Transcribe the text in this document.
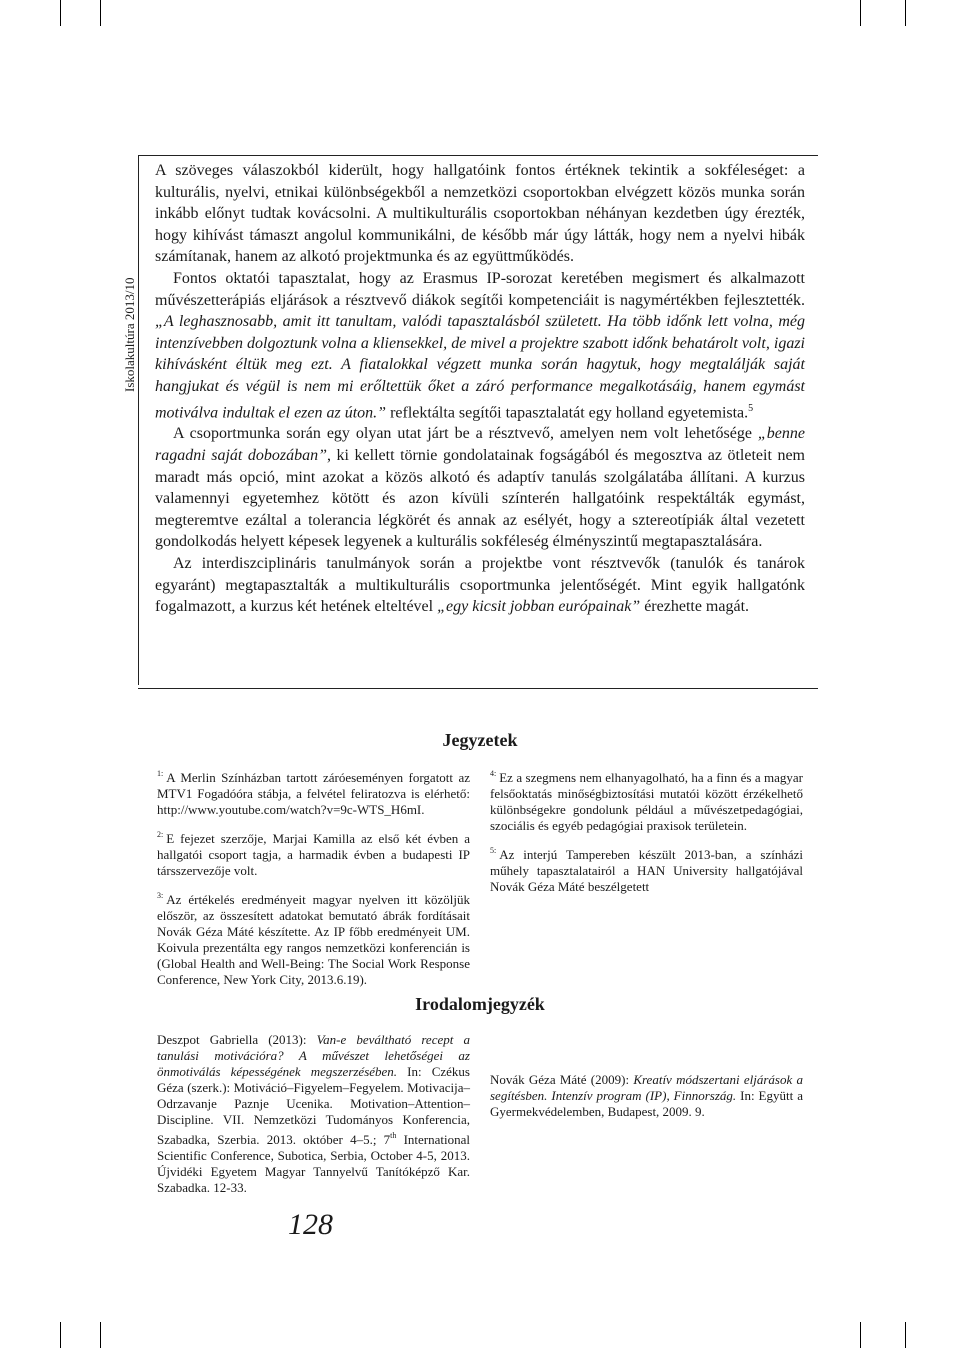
Iskolakultúra 2013/10

A szöveges válaszokból kiderült, hogy hallgatóink fontos értéknek tekintik a sokféleséget: a kulturális, nyelvi, etnikai különbségekből a nemzetközi csoportokban elvégzett közös munka során inkább előnyt tudtak kovácsolni. A multikulturális csoportokban néhányan kezdetben úgy érezték, hogy kihívást támaszt angolul kommunikálni, de később már úgy látták, hogy nem a nyelvi hibák számítanak, hanem az alkotó projektmunka és az együttműködés.

Fontos oktatói tapasztalat, hogy az Erasmus IP-sorozat keretében megismert és alkalmazott művészetterápiás eljárások a résztvevő diákok segítői kompetenciáit is nagymértékben fejlesztették. „A leghasznosabb, amit itt tanultam, valódi tapasztalásból született. Ha több időnk lett volna, még intenzívebben dolgoztunk volna a kliensekkel, de mivel a projektre szabott időnk behatárolt volt, igazi kihívásként éltük meg ezt. A fiatalokkal végzett munka során hagytuk, hogy megtalálják saját hangjukat és végül is nem mi erőltettük őket a záró performance megalkotásáig, hanem egymást motiválva indultak el ezen az úton.” reflektálta segítői tapasztalatát egy holland egyetemista.$^5$

A csoportmunka során egy olyan utat járt be a résztvevő, amelyen nem volt lehetősége „benne ragadni saját dobozában”, ki kellett törnie gondolatainak fogságából és megosztva az ötleteit nem maradt más opció, mint azokat a közös alkotó és adaptív tanulás szolgálatába állítani. A kurzus valamennyi egyetemhez kötött és azon kívüli színterén hallgatóink respektálták egymást, megteremtve ezáltal a tolerancia légkörét és annak az esélyét, hogy a sztereotípiák által vezetett gondolkodás helyett képesek legyenek a kulturális sokféleség élményszintű megtapasztalására.

Az interdiszciplináris tanulmányok során a projektbe vont résztvevők (tanulók és tanárok egyaránt) megtapasztalták a multikulturális csoportmunka jelentőségét. Mint egyik hallgatónk fogalmazott, a kurzus két hetének elteltével „egy kicsit jobban európainak” érezhette magát.

Jegyzetek

$^{1:}$ A Merlin Színházban tartott záróeseményen forgatott az MTV1 Fogadóóra stábja, a felvétel feliratozva is elérhető: http://www.youtube.com/watch?v=9c-WTS_H6mI.

$^{2:}$ E fejezet szerzője, Marjai Kamilla az első két évben a hallgatói csoport tagja, a harmadik évben a budapesti IP társszervezője volt.

$^{3:}$ Az értékelés eredményeit magyar nyelven itt közöljük először, az összesített adatokat bemutató ábrák fordításait Novák Géza Máté készítette. Az IP főbb eredményeit UM. Koivula prezentálta egy rangos nemzetközi konferencián is (Global Health and Well-Being: The Social Work Response Conference, New York City, 2013.6.19).

$^{4:}$ Ez a szegmens nem elhanyagolható, ha a finn és a magyar felsőoktatás minőségbiztosítási mutatói között érzékelhető különbségekre gondolunk például a művészetpedagógiai, szociális és egyéb pedagógiai praxisok területein.

$^{5:}$ Az interjú Tampereben készült 2013-ban, a színházi műhely tapasztalatairól a HAN University hallgatójával Novák Géza Máté beszélgetett

Irodalomjegyzék

Deszpot Gabriella (2013): Van-e beváltható recept a tanulási motivációra? A művészet lehetőségei az önmotiválás képességének megszerzésében. In: Czékus Géza (szerk.): Motiváció–Figyelem–Fegyelem. Motivacija–Odrzavanje Paznje Ucenika. Motivation–Attention–Discipline. VII. Nemzetközi Tudományos Konferencia, Szabadka, Szerbia. 2013. október 4–5.; 7th International Scientific Conference, Subotica, Serbia, October 4-5, 2013. Újvidéki Egyetem Magyar Tannyelvű Tanítóképző Kar. Szabadka. 12-33.

Novák Géza Máté (2009): Kreatív módszertani eljárások a segítésben. Intenzív program (IP), Finnország. In: Együtt a Gyermekvédelemben, Budapest, 2009. 9.

128
